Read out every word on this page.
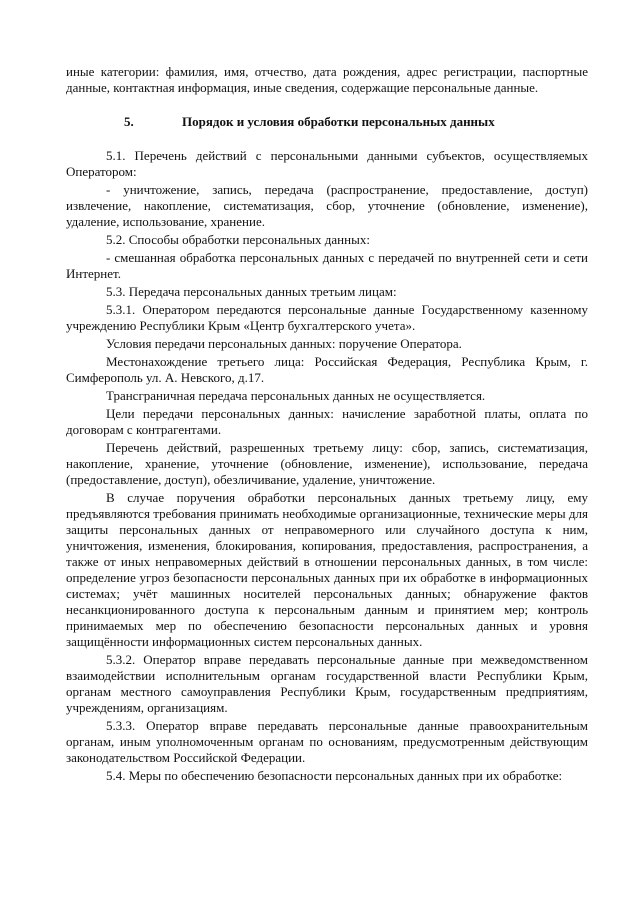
иные категории: фамилия, имя, отчество, дата рождения, адрес регистрации, паспортные данные, контактная информация, иные сведения, содержащие персональные данные.

5.	Порядок и условия обработки персональных данных

5.1. Перечень действий с персональными данными субъектов, осуществляемых Оператором:

- уничтожение, запись, передача (распространение, предоставление, доступ) извлечение, накопление, систематизация, сбор, уточнение (обновление, изменение), удаление, использование, хранение.

5.2. Способы обработки персональных данных:

- смешанная обработка персональных данных с передачей по внутренней сети и сети Интернет.

5.3. Передача персональных данных третьим лицам:

5.3.1. Оператором передаются персональные данные Государственному казенному учреждению Республики Крым «Центр бухгалтерского учета».

Условия передачи персональных данных: поручение Оператора.

Местонахождение третьего лица: Российская Федерация, Республика Крым, г. Симферополь ул. А. Невского, д.17.

Трансграничная передача персональных данных не осуществляется.

Цели передачи персональных данных: начисление заработной платы, оплата по договорам с контрагентами.

Перечень действий, разрешенных третьему лицу: сбор, запись, систематизация, накопление, хранение, уточнение (обновление, изменение), использование, передача (предоставление, доступ), обезличивание, удаление, уничтожение.

В случае поручения обработки персональных данных третьему лицу, ему предъявляются требования принимать необходимые организационные, технические меры для защиты персональных данных от неправомерного или случайного доступа к ним, уничтожения, изменения, блокирования, копирования, предоставления, распространения, а также от иных неправомерных действий в отношении персональных данных, в том числе: определение угроз безопасности персональных данных при их обработке в информационных системах; учёт машинных носителей персональных данных; обнаружение фактов несанкционированного доступа к персональным данным и принятием мер; контроль принимаемых мер по обеспечению безопасности персональных данных и уровня защищённости информационных систем персональных данных.

5.3.2. Оператор вправе передавать персональные данные при межведомственном взаимодействии исполнительным органам государственной власти Республики Крым, органам местного самоуправления Республики Крым, государственным предприятиям, учреждениям, организациям.

5.3.3. Оператор вправе передавать персональные данные правоохранительным органам, иным уполномоченным органам по основаниям, предусмотренным действующим законодательством Российской Федерации.

5.4. Меры по обеспечению безопасности персональных данных при их обработке:
